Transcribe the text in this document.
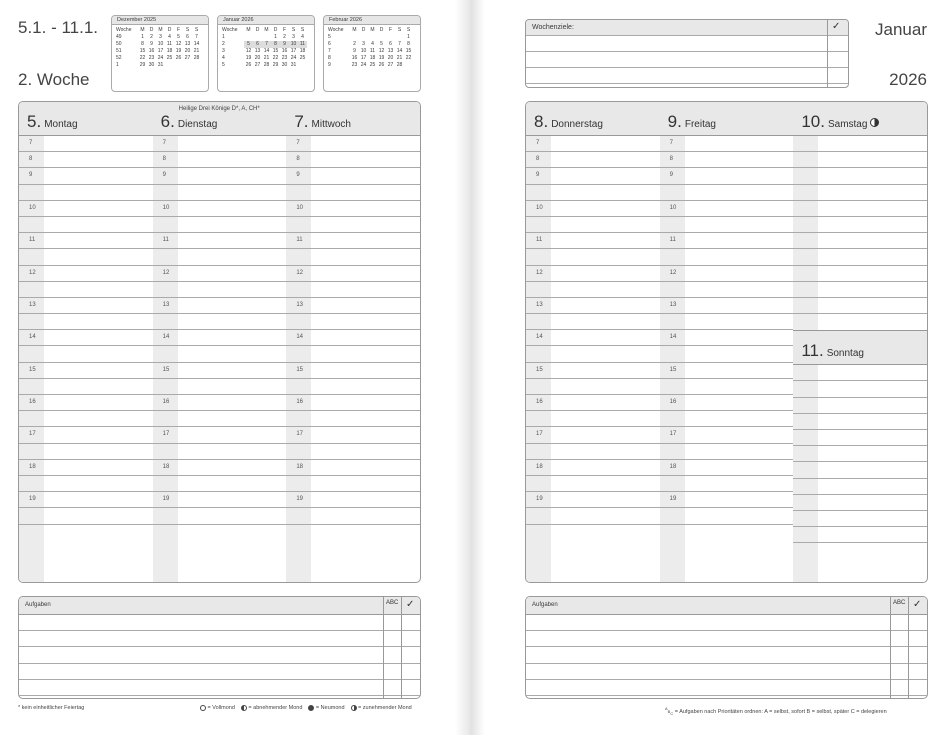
5.1. - 11.1.
2. Woche
Dezember 2025
Woche	M	D	M	D	F	S	S
49	1	2	3	4	5	6	7
50	8	9	10	11	12	13	14
51	15	16	17	18	19	20	21
52	22	23	24	25	26	27	28
1	29	30	31				
Januar 2026
Woche	M	D	M	D	F	S	S
1				1	2	3	4
2	5	6	7	8	9	10	11
3	12	13	14	15	16	17	18
4	19	20	21	22	23	24	25
5	26	27	28	29	30	31	
Februar 2026
Woche	M	D	M	D	F	S	S
5							1
6	2	3	4	5	6	7	8
7	9	10	11	12	13	14	15
8	16	17	18	19	20	21	22
9	23	24	25	26	27	28	
5. Montag
7
8
9
10
11
12
13
14
15
16
17
18
19
6. Dienstag
Heilige Drei Könige D*, A, CH*
7
8
9
10
11
12
13
14
15
16
17
18
19
7. Mittwoch
7
8
9
10
11
12
13
14
15
16
17
18
19
Aufgaben	ABC ✓
* kein einheitlicher Feiertag	= Vollmond = abnehmender Mond = Neumond = zunehmender Mond
Wochenziele:	✓ Januar
2026
8. Donnerstag
7
8
9
10
11
12
13
14
15
16
17
18
19
9. Freitag
7
8
9
10
11
12
13
14
15
16
17
18
19
10. Samstag
11. Sonntag
Aufgaben	ABC ✓
$^AB_C$ = Aufgaben nach Prioritäten ordnen: A = selbst, sofort B = selbst, später C = delegieren
